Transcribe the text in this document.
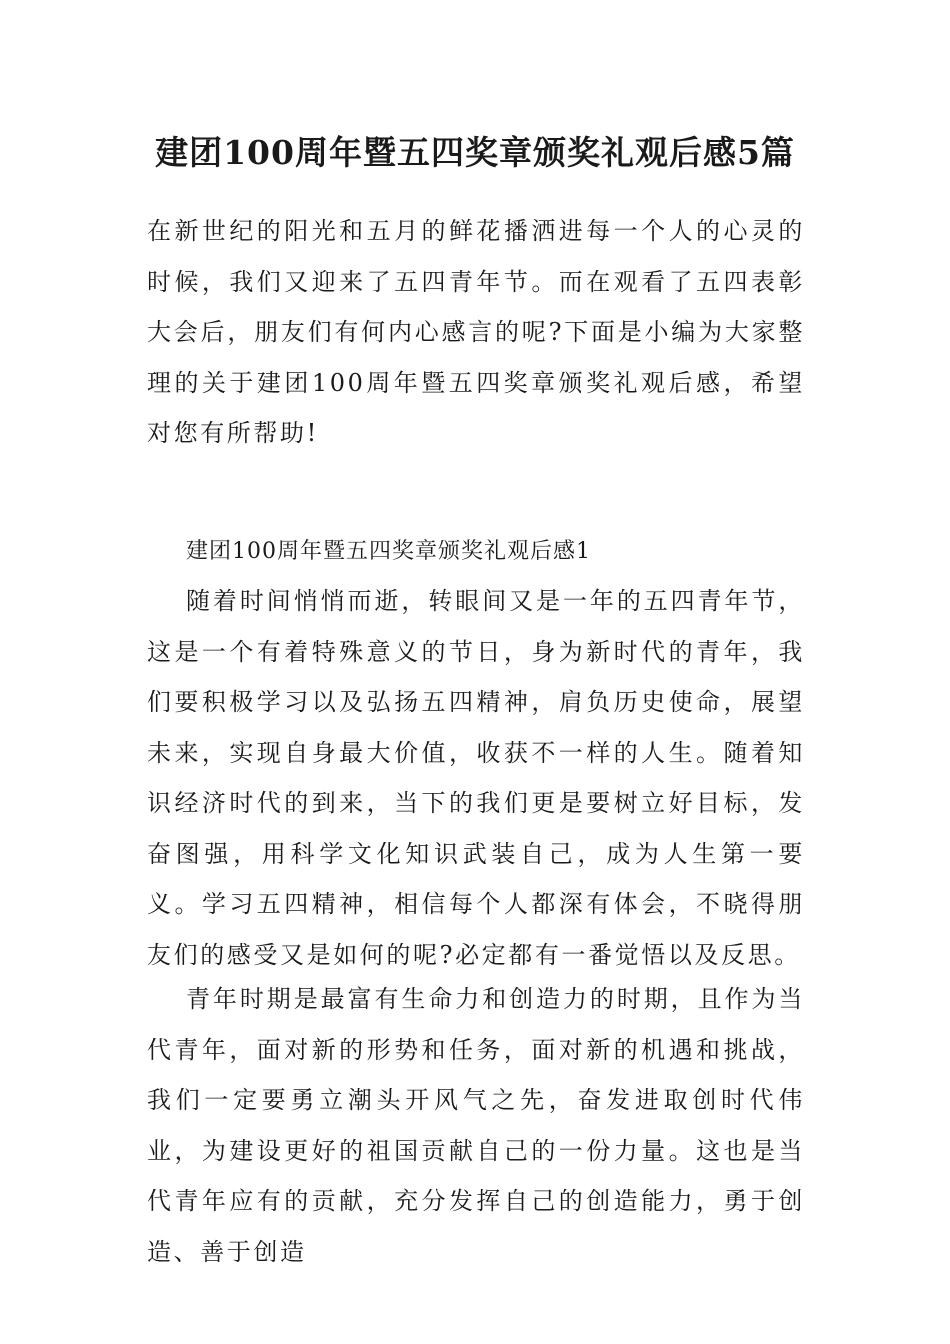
建团100周年暨五四奖章颁奖礼观后感5篇

在新世纪的阳光和五月的鲜花播洒进每一个人的心灵的时候，我们又迎来了五四青年节。而在观看了五四表彰大会后，朋友们有何内心感言的呢?下面是小编为大家整理的关于建团100周年暨五四奖章颁奖礼观后感，希望对您有所帮助!

建团100周年暨五四奖章颁奖礼观后感1

随着时间悄悄而逝，转眼间又是一年的五四青年节，这是一个有着特殊意义的节日，身为新时代的青年，我们要积极学习以及弘扬五四精神，肩负历史使命，展望未来，实现自身最大价值，收获不一样的人生。随着知识经济时代的到来，当下的我们更是要树立好目标，发奋图强，用科学文化知识武装自己，成为人生第一要义。学习五四精神，相信每个人都深有体会，不晓得朋友们的感受又是如何的呢?必定都有一番觉悟以及反思。

青年时期是最富有生命力和创造力的时期，且作为当代青年，面对新的形势和任务，面对新的机遇和挑战，我们一定要勇立潮头开风气之先，奋发进取创时代伟业，为建设更好的祖国贡献自己的一份力量。这也是当代青年应有的贡献，充分发挥自己的创造能力，勇于创造、善于创造
